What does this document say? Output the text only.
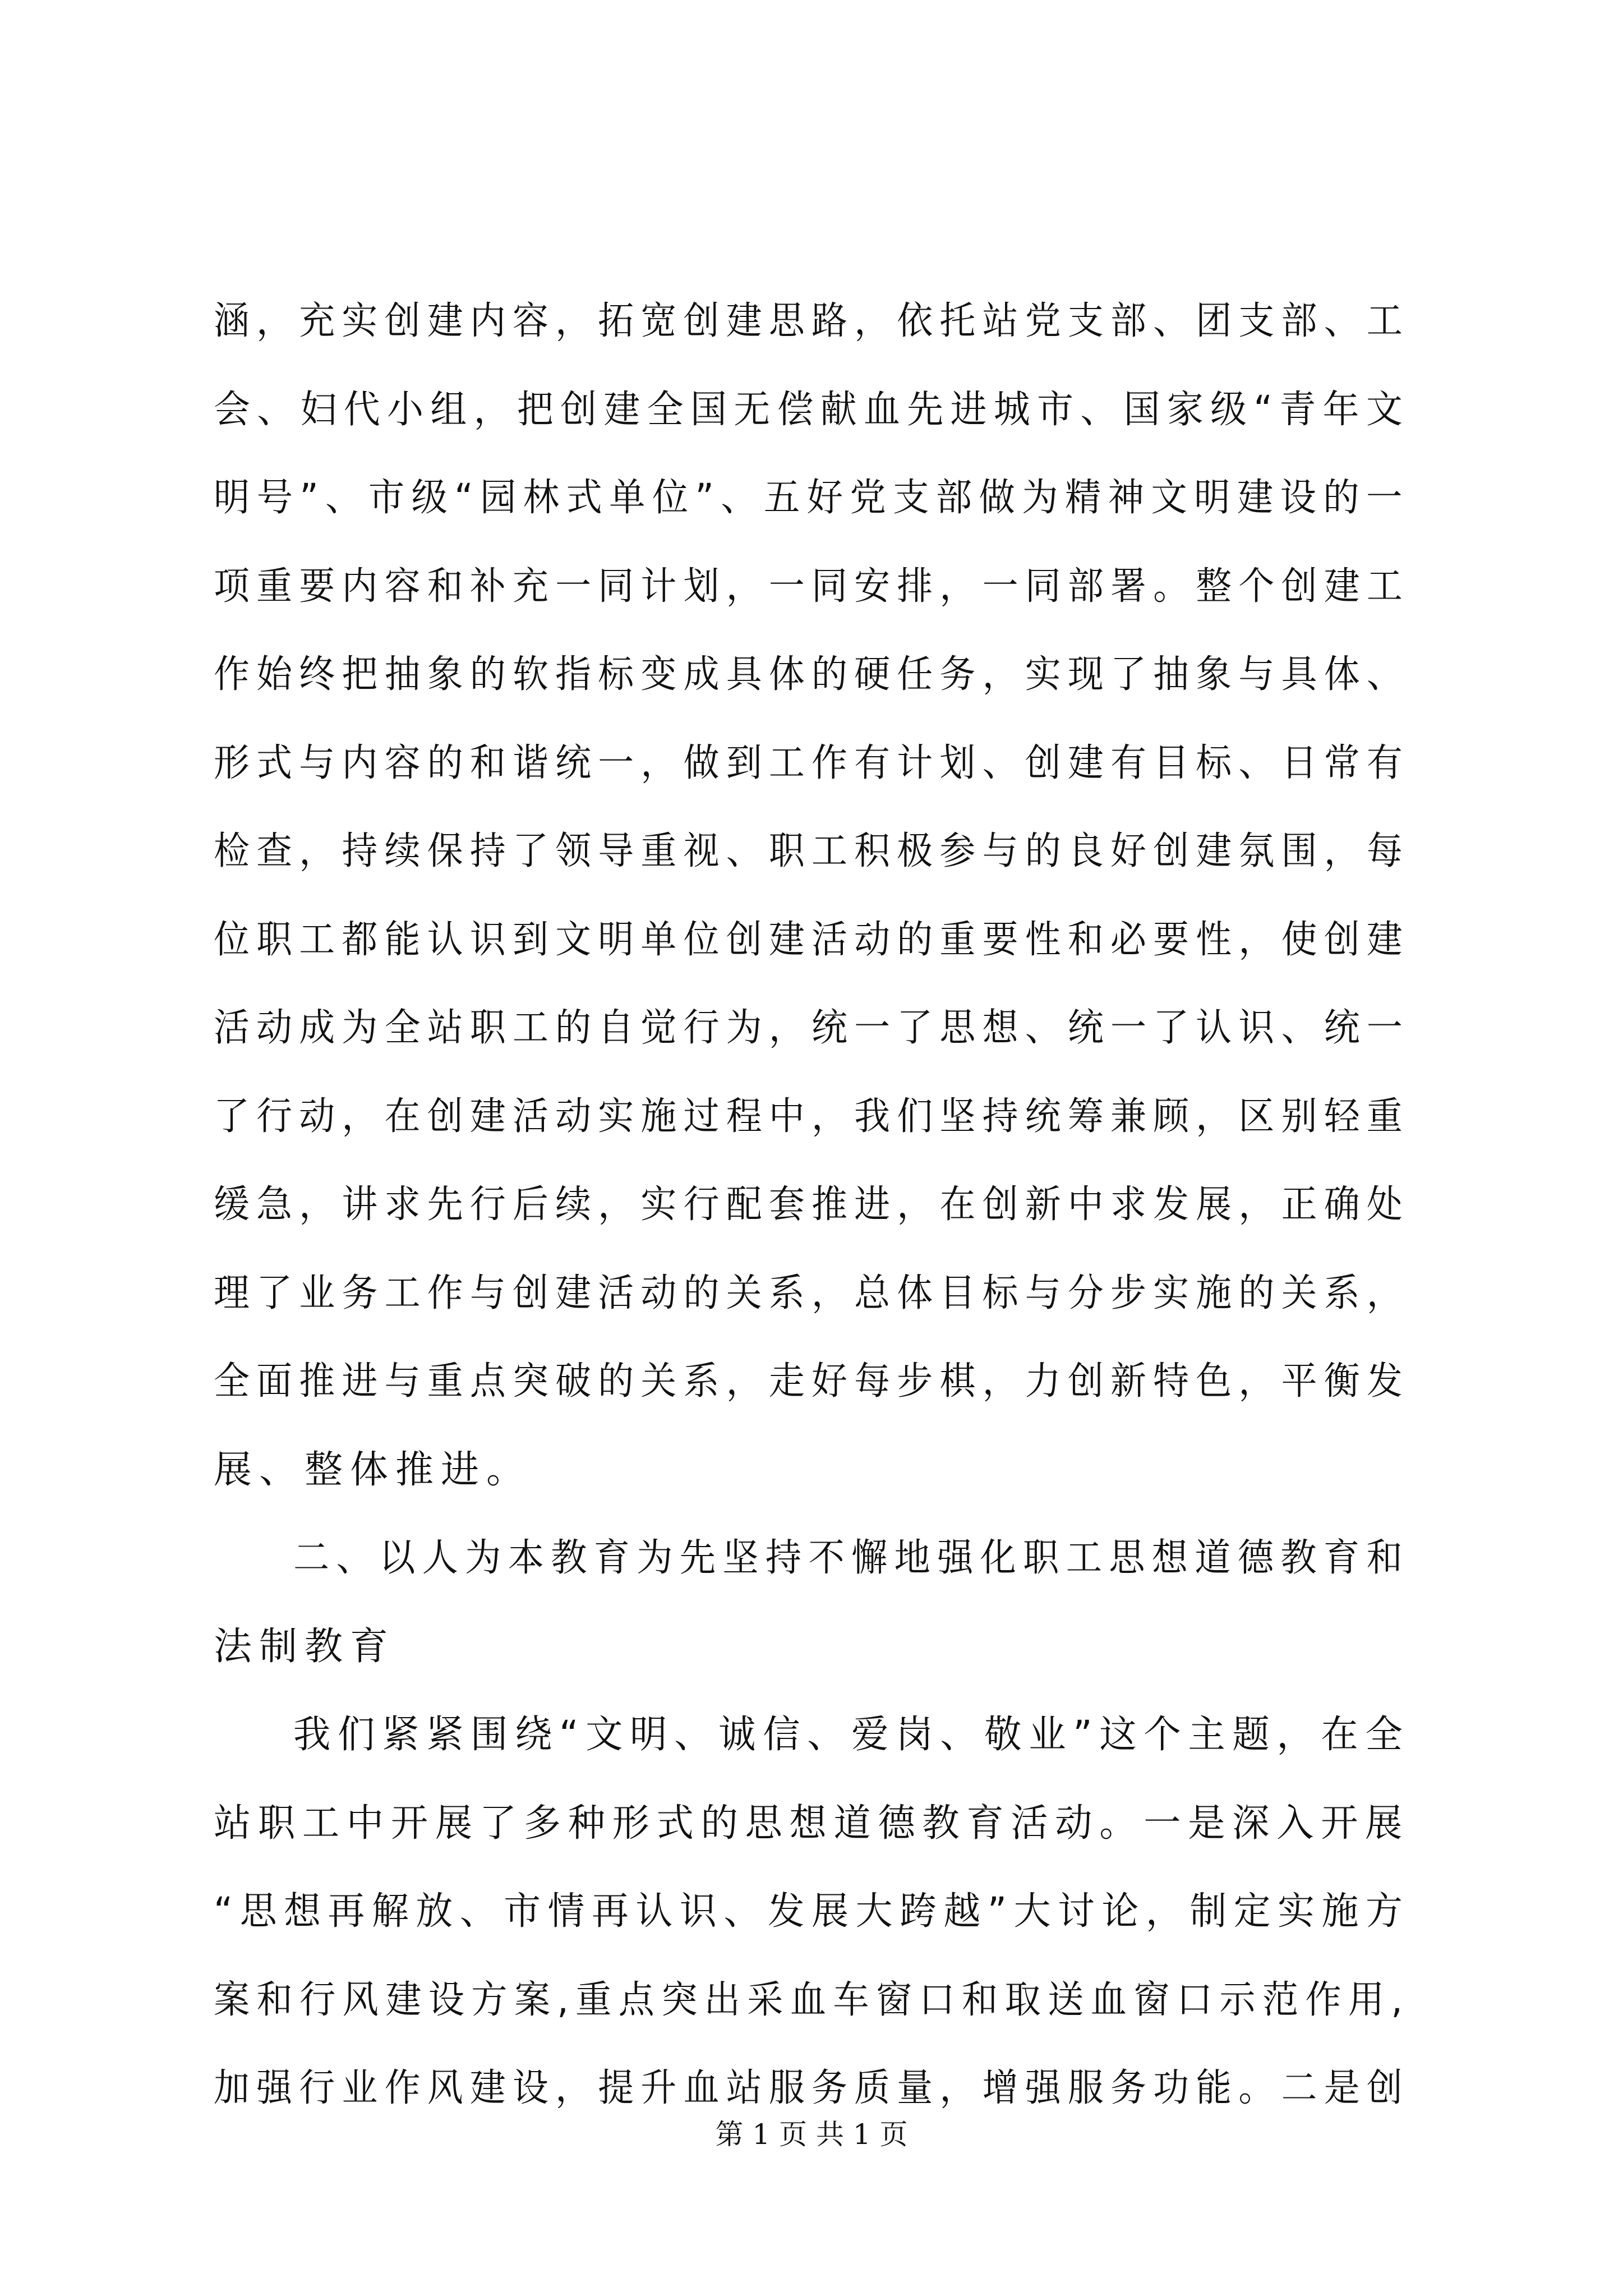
涵，充实创建内容，拓宽创建思路，依托站党支部、团支部、工
会、妇代小组，把创建全国无偿献血先进城市、国家级“青年文
明号”、市级“园林式单位”、五好党支部做为精神文明建设的一
项重要内容和补充一同计划，一同安排，一同部署。整个创建工
作始终把抽象的软指标变成具体的硬任务，实现了抽象与具体、
形式与内容的和谐统一，做到工作有计划、创建有目标、日常有
检查，持续保持了领导重视、职工积极参与的良好创建氛围，每
位职工都能认识到文明单位创建活动的重要性和必要性，使创建
活动成为全站职工的自觉行为，统一了思想、统一了认识、统一
了行动，在创建活动实施过程中，我们坚持统筹兼顾，区别轻重
缓急，讲求先行后续，实行配套推进，在创新中求发展，正确处
理了业务工作与创建活动的关系，总体目标与分步实施的关系，
全面推进与重点突破的关系，走好每步棋，力创新特色，平衡发
展、整体推进。
二、以人为本教育为先坚持不懈地强化职工思想道德教育和
法制教育
我们紧紧围绕“文明、诚信、爱岗、敬业”这个主题，在全
站职工中开展了多种形式的思想道德教育活动。一是深入开展
“思想再解放、市情再认识、发展大跨越”大讨论，制定实施方
案和行风建设方案,重点突出采血车窗口和取送血窗口示范作用,
加强行业作风建设，提升血站服务质量，增强服务功能。二是创
第 1 页 共 1 页
